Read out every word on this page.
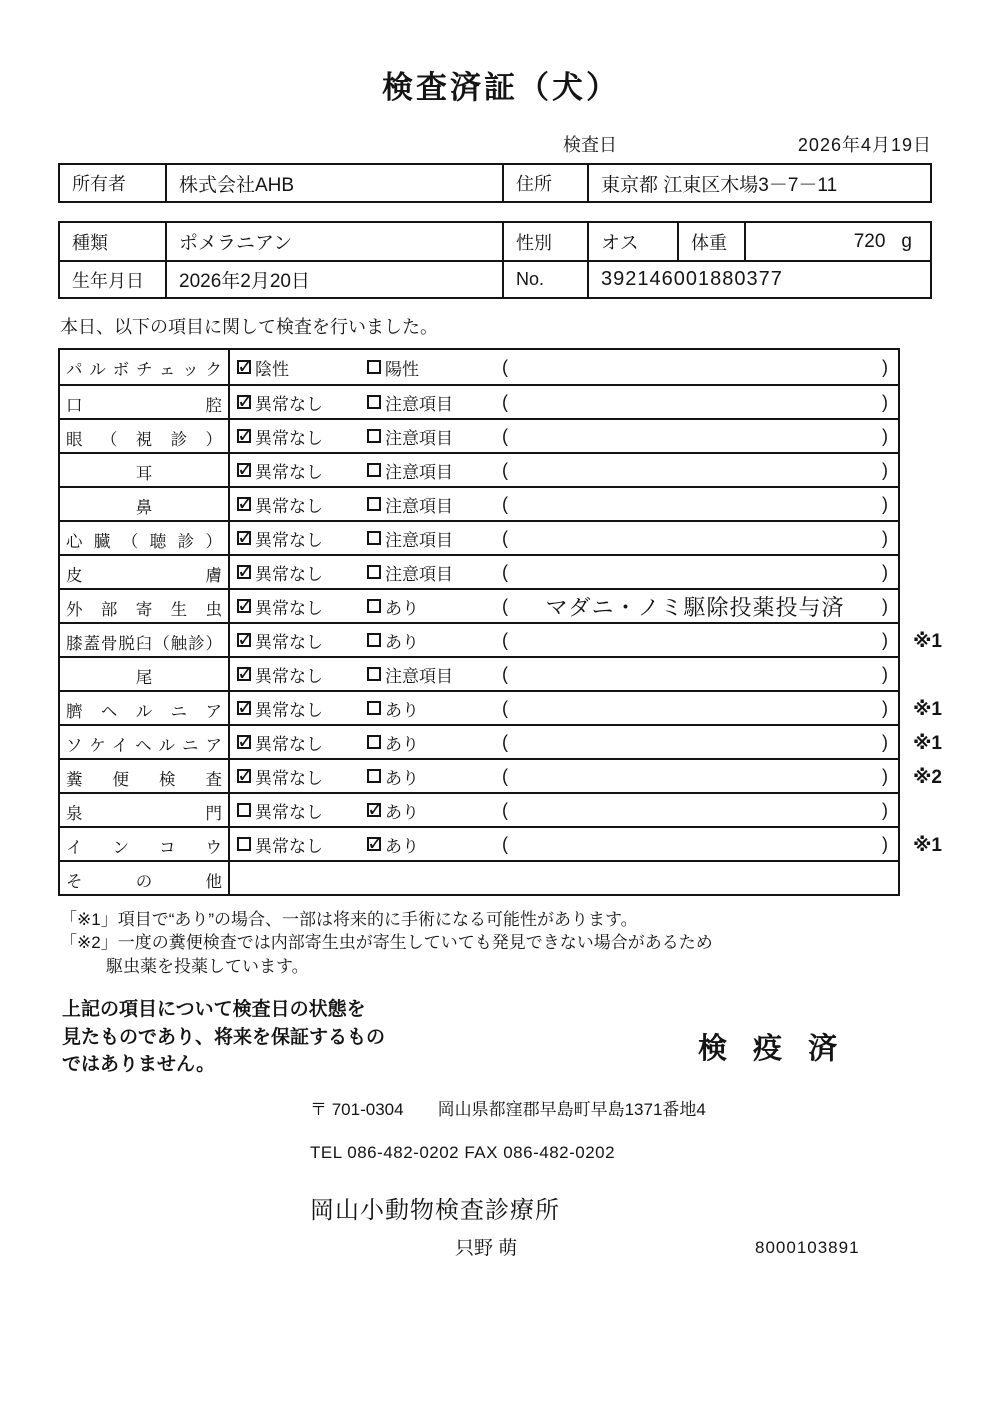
検査済証（犬）
検査日	2026年4月19日
所有者	株式会社AHB	住所	東京都 江東区木場3－7－11
種類	ポメラニアン	性別	オス	体重	720 g
生年月日	2026年2月20日	No.	392146001880377
本日、以下の項目に関して検査を行いました。
パルボチェック ✓	陰性	陽性	(	)
口腔 ✓	異常なし	注意項目	(	)
眼（視診） ✓	異常なし	注意項目	(	)
耳 ✓	異常なし	注意項目	(	)
鼻 ✓	異常なし	注意項目	(	)
心臓（聴診） ✓	異常なし	注意項目	(	)
皮膚 ✓	異常なし	注意項目	(	)
外部寄生虫 ✓	異常なし	あり	( マダニ・ノミ駆除投薬投与済 )
膝蓋骨脱臼（触診） ✓	異常なし	あり	(	) ※1
尾 ✓	異常なし	注意項目	(	)
臍ヘルニア ✓	異常なし	あり	(	) ※1
ソケイヘルニア ✓	異常なし	あり	(	) ※1
糞便検査 ✓	異常なし	あり	(	) ※2
泉門	異常なし ✓	あり	(	)
インコウ	異常なし ✓	あり	(	) ※1
その他
「※1」項目で“あり”の場合、一部は将来的に手術になる可能性があります。
「※2」一度の糞便検査では内部寄生虫が寄生していても発見できない場合があるため
駆虫薬を投薬しています。
上記の項目について検査日の状態を
見たものであり、将来を保証するもの
ではありません。	検 疫 済
〒 701-0304 岡山県都窪郡早島町早島1371番地4
TEL 086-482-0202 FAX 086-482-0202
岡山小動物検査診療所
只野 萌	8000103891
